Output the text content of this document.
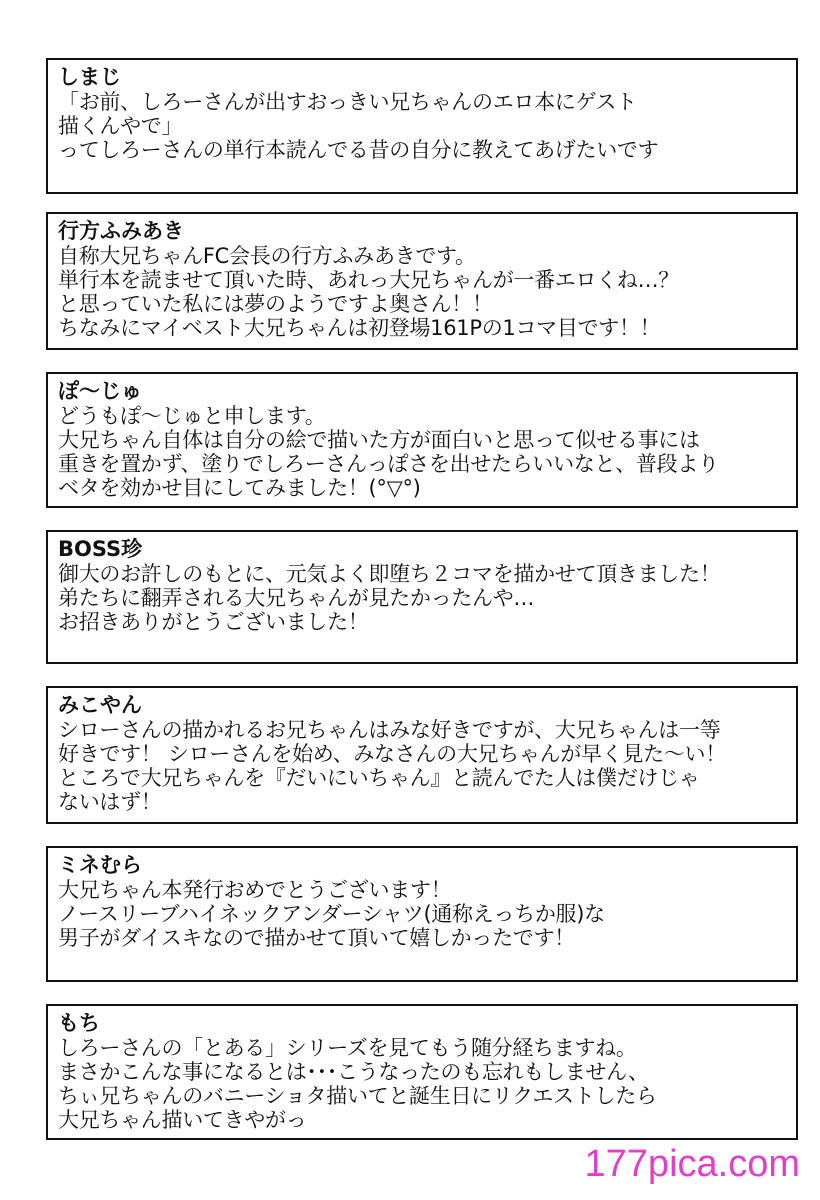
しまじ
「お前、しろーさんが出すおっきい兄ちゃんのエロ本にゲスト
描くんやで」
ってしろーさんの単行本読んでる昔の自分に教えてあげたいです
行方ふみあき
自称大兄ちゃんFC会長の行方ふみあきです。
単行本を読ませて頂いた時、あれっ大兄ちゃんが一番エロくね…？
と思っていた私には夢のようですよ奥さん！！
ちなみにマイベスト大兄ちゃんは初登場161Pの1コマ目です！！
ぽ～じゅ
どうもぽ～じゅと申します。
大兄ちゃん自体は自分の絵で描いた方が面白いと思って似せる事には
重きを置かず、塗りでしろーさんっぽさを出せたらいいなと、普段より
ベタを効かせ目にしてみました！(°▽°)
BOSS珍
御大のお許しのもとに、元気よく即堕ち２コマを描かせて頂きました！
弟たちに翻弄される大兄ちゃんが見たかったんや…
お招きありがとうございました！
みこやん
シローさんの描かれるお兄ちゃんはみな好きですが、大兄ちゃんは一等
好きです！ シローさんを始め、みなさんの大兄ちゃんが早く見た～い！
ところで大兄ちゃんを『だいにいちゃん』と読んでた人は僕だけじゃ
ないはず！
ミネむら
大兄ちゃん本発行おめでとうございます！
ノースリーブハイネックアンダーシャツ(通称えっちか服)な
男子がダイスキなので描かせて頂いて嬉しかったです！
もち
しろーさんの「とある」シリーズを見てもう随分経ちますね。
まさかこんな事になるとは･･･こうなったのも忘れもしません、
ちぃ兄ちゃんのバニーショタ描いてと誕生日にリクエストしたら
大兄ちゃん描いてきやがっ
177pica.com
